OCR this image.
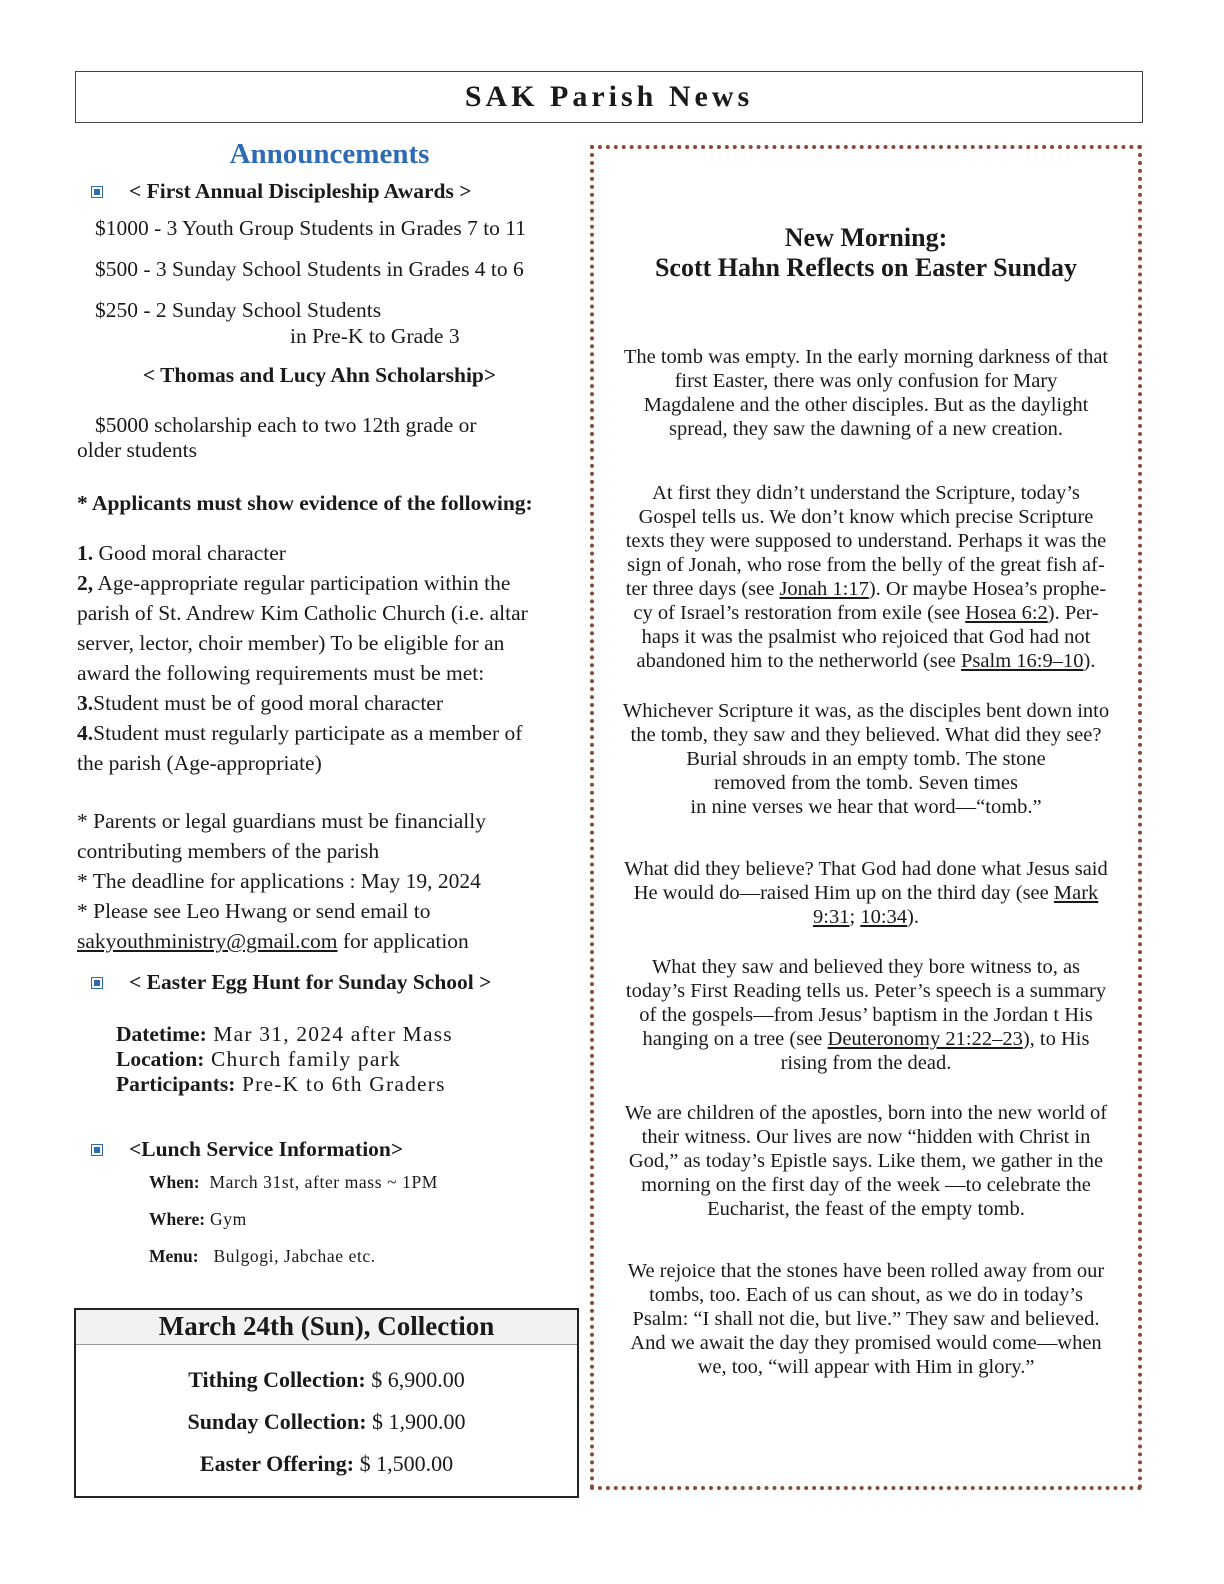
SAK Parish News
Announcements
< First Annual Discipleship Awards >
$1000 - 3 Youth Group Students in Grades 7 to 11
$500 - 3 Sunday School Students in Grades 4 to 6
$250 - 2 Sunday School Students
in Pre-K to Grade 3
< Thomas and Lucy Ahn Scholarship>
$5000 scholarship each to two 12th grade or
older students
* Applicants must show evidence of the following:
1. Good moral character
2, Age-appropriate regular participation within the
parish of St. Andrew Kim Catholic Church (i.e. altar
server, lector, choir member) To be eligible for an
award the following requirements must be met:
3.Student must be of good moral character
4.Student must regularly participate as a member of
the parish (Age-appropriate)
* Parents or legal guardians must be financially
contributing members of the parish
* The deadline for applications : May 19, 2024
* Please see Leo Hwang or send email to
sakyouthministry@gmail.com for application
< Easter Egg Hunt for Sunday School >
Datetime: Mar 31, 2024 after Mass
Location: Church family park
Participants: Pre-K to 6th Graders
<Lunch Service Information>
When:  March 31st, after mass ~ 1PM
Where: Gym
Menu:   Bulgogi, Jabchae etc.
March 24th (Sun), Collection
Tithing Collection: $ 6,900.00
Sunday Collection: $ 1,900.00
Easter Offering: $ 1,500.00
New Morning:
Scott Hahn Reflects on Easter Sunday

The tomb was empty. In the early morning darkness of that
first Easter, there was only confusion for Mary
Magdalene and the other disciples. But as the daylight
spread, they saw the dawning of a new creation.

At first they didn’t understand the Scripture, today’s
Gospel tells us. We don’t know which precise Scripture
texts they were supposed to understand. Perhaps it was the
sign of Jonah, who rose from the belly of the great fish af-
ter three days (see Jonah 1:17). Or maybe Hosea’s prophe-
cy of Israel’s restoration from exile (see Hosea 6:2). Per-
haps it was the psalmist who rejoiced that God had not
abandoned him to the netherworld (see Psalm 16:9–10).

Whichever Scripture it was, as the disciples bent down into
the tomb, they saw and they believed. What did they see?
Burial shrouds in an empty tomb. The stone
removed from the tomb. Seven times
in nine verses we hear that word—“tomb.”

What did they believe? That God had done what Jesus said
He would do—raised Him up on the third day (see Mark
9:31; 10:34).

What they saw and believed they bore witness to, as
today’s First Reading tells us. Peter’s speech is a summary
of the gospels—from Jesus’ baptism in the Jordan t His
hanging on a tree (see Deuteronomy 21:22–23), to His
rising from the dead.

We are children of the apostles, born into the new world of
their witness. Our lives are now “hidden with Christ in
God,” as today’s Epistle says. Like them, we gather in the
morning on the first day of the week —to celebrate the
Eucharist, the feast of the empty tomb.

We rejoice that the stones have been rolled away from our
tombs, too. Each of us can shout, as we do in today’s
Psalm: “I shall not die, but live.” They saw and believed.
And we await the day they promised would come—when
we, too, “will appear with Him in glory.”
